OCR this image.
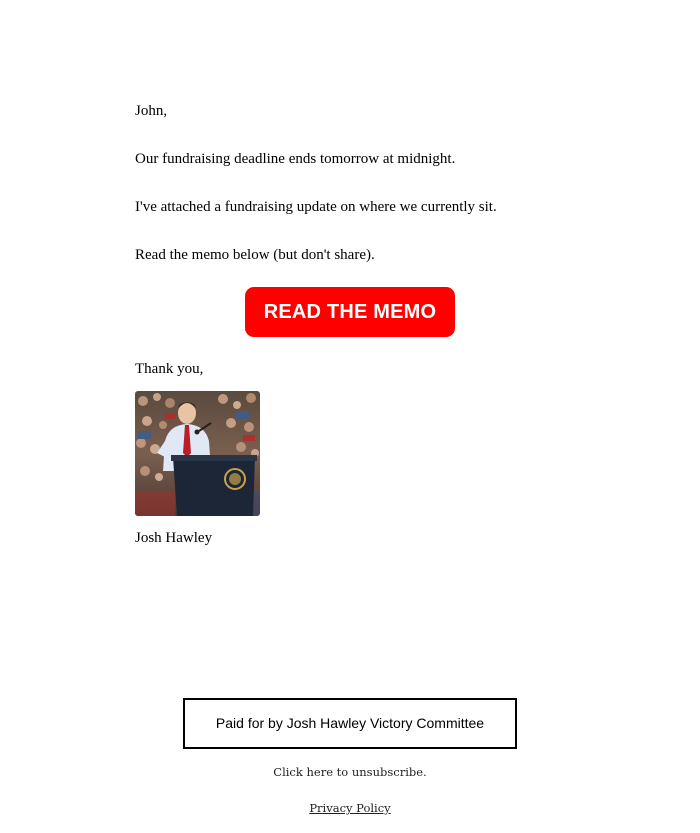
John,

Our fundraising deadline ends tomorrow at midnight.

I've attached a fundraising update on where we currently sit.

Read the memo below (but don't share).

READ THE MEMO

Thank you,

Josh Hawley

Paid for by Josh Hawley Victory Committee
Click here to unsubscribe.
Privacy Policy
